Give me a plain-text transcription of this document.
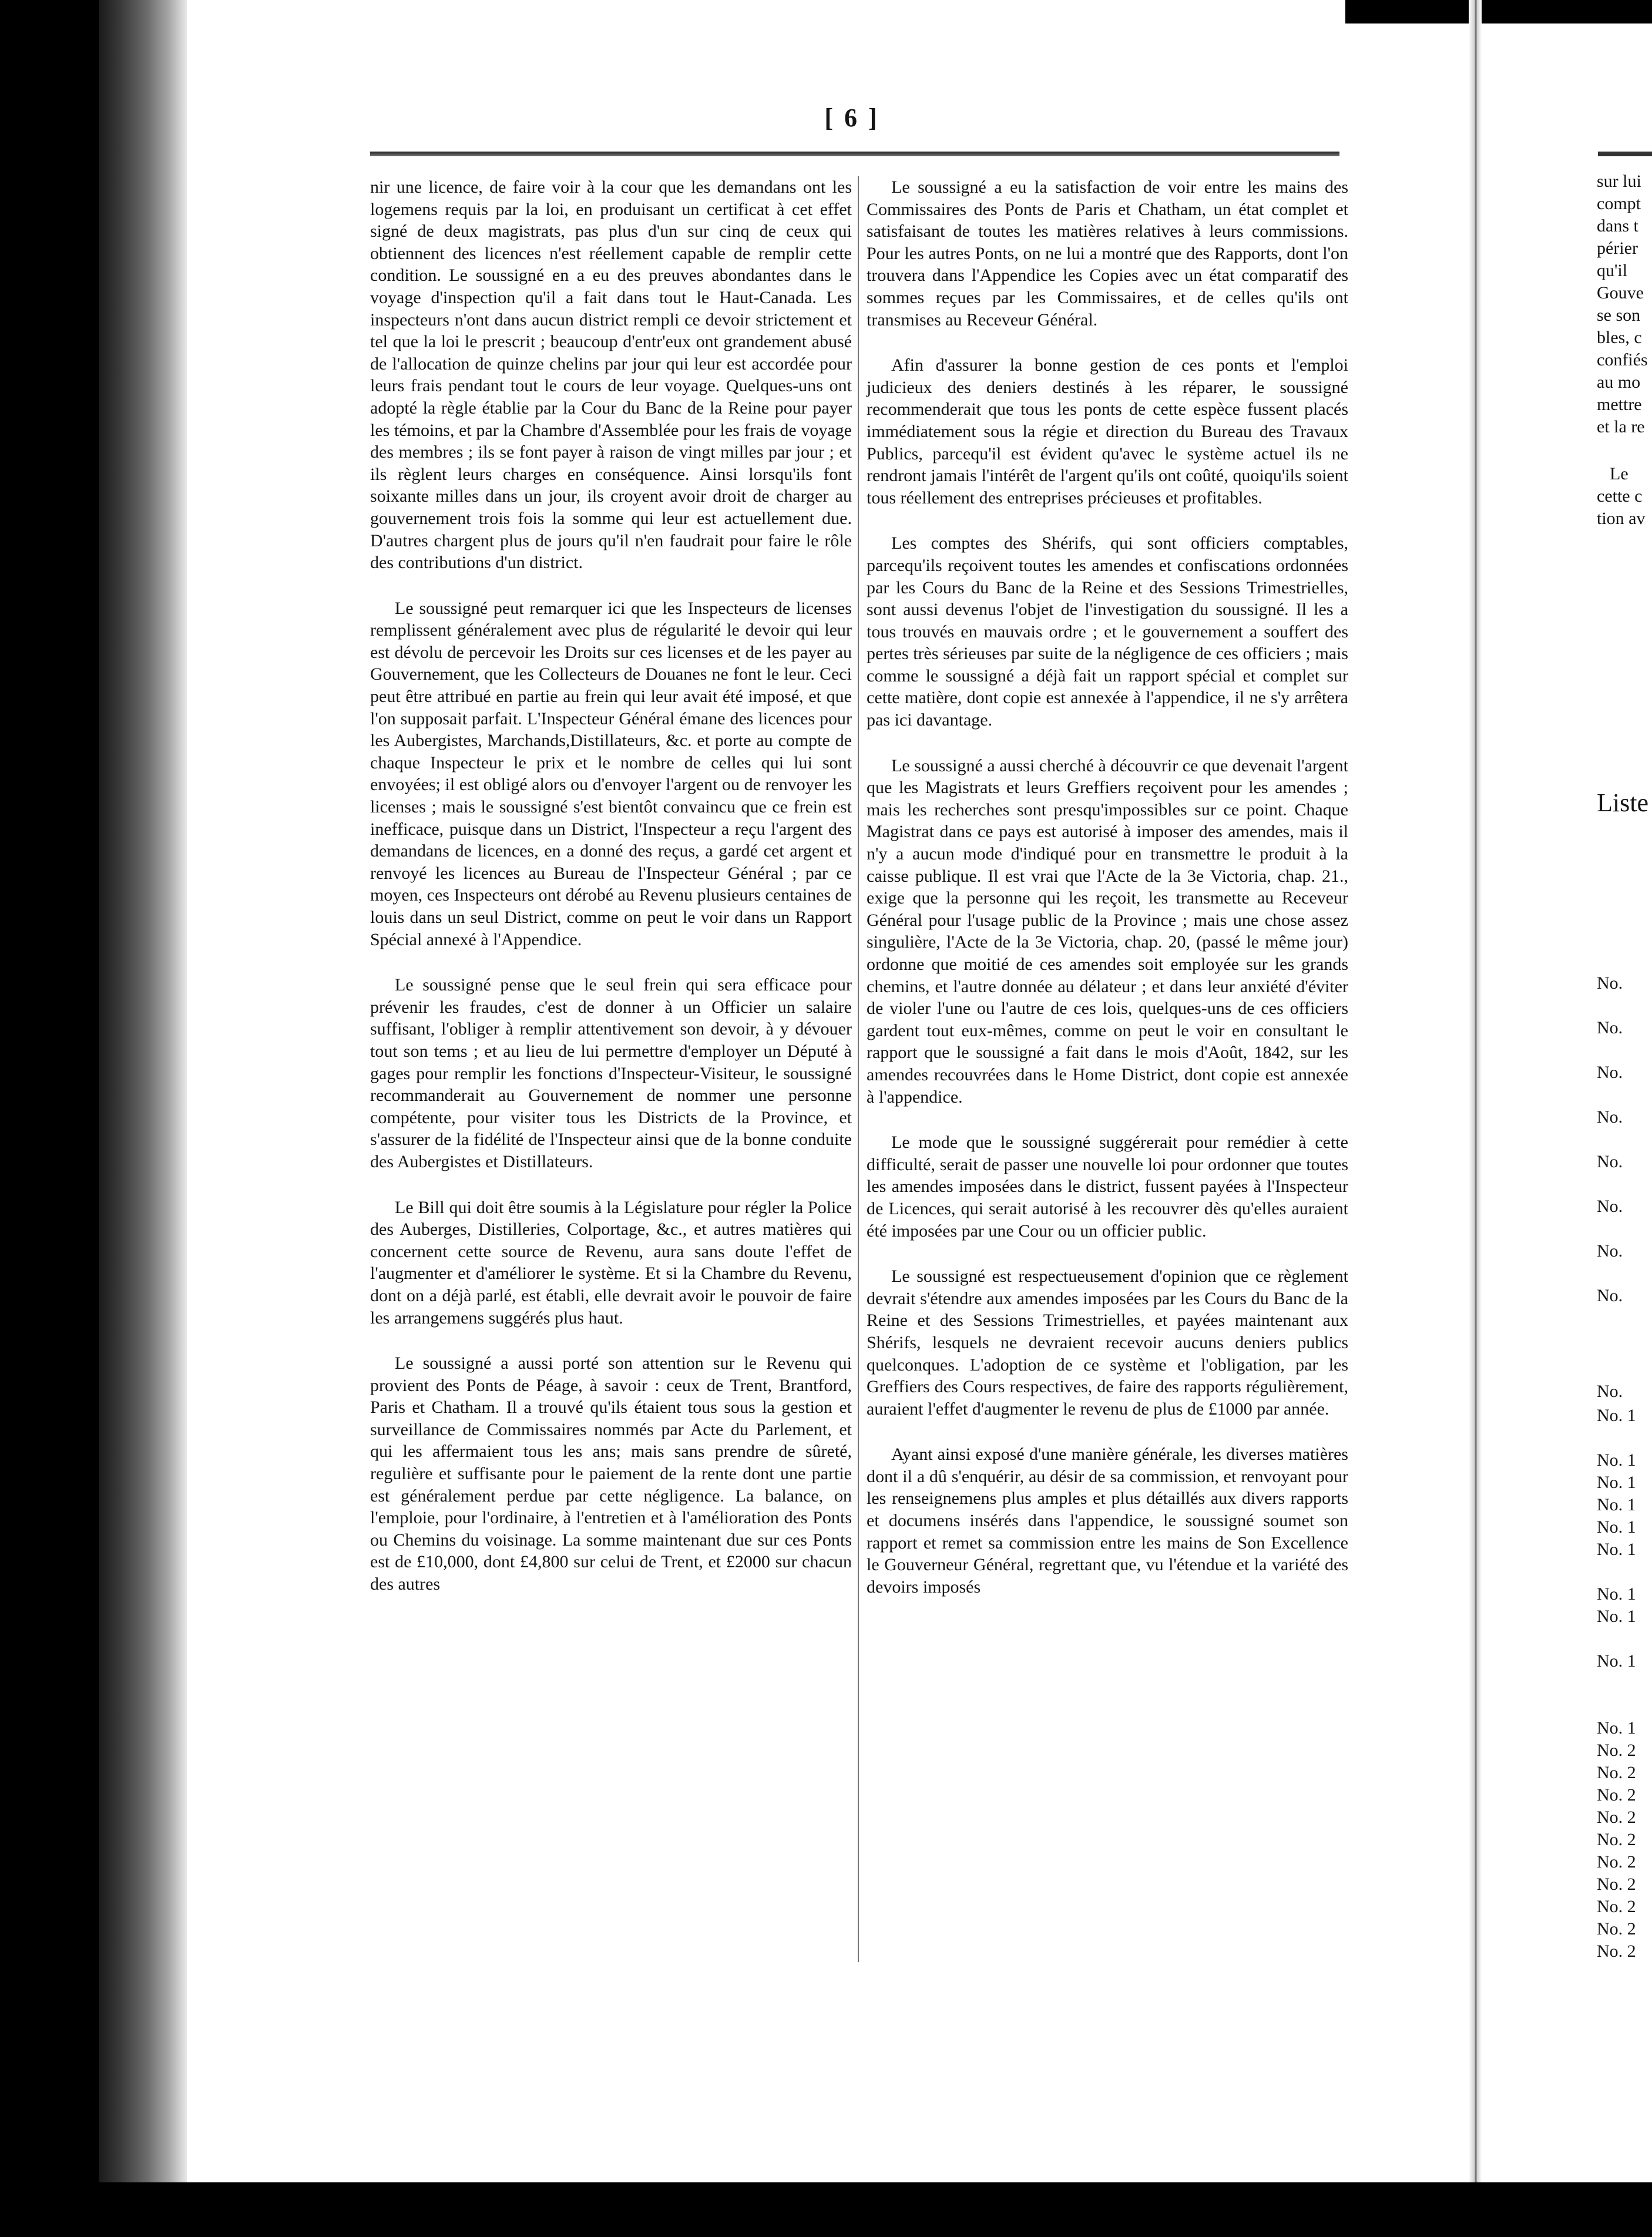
[ 6 ]

nir une licence, de faire voir à la cour que les demandans ont les logemens requis par la loi, en produisant un certificat à cet effet signé de deux magistrats, pas plus d'un sur cinq de ceux qui obtiennent des licences n'est réellement capable de remplir cette condition. Le soussigné en a eu des preuves abondantes dans le voyage d'inspection qu'il a fait dans tout le Haut-Canada. Les inspecteurs n'ont dans aucun district rempli ce devoir strictement et tel que la loi le prescrit ; beaucoup d'entr'eux ont grandement abusé de l'allocation de quinze chelins par jour qui leur est accordée pour leurs frais pendant tout le cours de leur voyage. Quelques-uns ont adopté la règle établie par la Cour du Banc de la Reine pour payer les témoins, et par la Chambre d'Assemblée pour les frais de voyage des membres ; ils se font payer à raison de vingt milles par jour ; et ils règlent leurs charges en conséquence. Ainsi lorsqu'ils font soixante milles dans un jour, ils croyent avoir droit de charger au gouvernement trois fois la somme qui leur est actuellement due. D'autres chargent plus de jours qu'il n'en faudrait pour faire le rôle des contributions d'un district.

Le soussigné peut remarquer ici que les Inspecteurs de licenses remplissent généralement avec plus de régularité le devoir qui leur est dévolu de percevoir les Droits sur ces licenses et de les payer au Gouvernement, que les Collecteurs de Douanes ne font le leur. Ceci peut être attribué en partie au frein qui leur avait été imposé, et que l'on supposait parfait. L'Inspecteur Général émane des licences pour les Aubergistes, Marchands,Distillateurs, &c. et porte au compte de chaque Inspecteur le prix et le nombre de celles qui lui sont envoyées; il est obligé alors ou d'envoyer l'argent ou de renvoyer les licenses ; mais le soussigné s'est bientôt convaincu que ce frein est inefficace, puisque dans un District, l'Inspecteur a reçu l'argent des demandans de licences, en a donné des reçus, a gardé cet argent et renvoyé les licences au Bureau de l'Inspecteur Général ; par ce moyen, ces Inspecteurs ont dérobé au Revenu plusieurs centaines de louis dans un seul District, comme on peut le voir dans un Rapport Spécial annexé à l'Appendice.

Le soussigné pense que le seul frein qui sera efficace pour prévenir les fraudes, c'est de donner à un Officier un salaire suffisant, l'obliger à remplir attentivement son devoir, à y dévouer tout son tems ; et au lieu de lui permettre d'employer un Député à gages pour remplir les fonctions d'Inspecteur-Visiteur, le soussigné recommanderait au Gouvernement de nommer une personne compétente, pour visiter tous les Districts de la Province, et s'assurer de la fidélité de l'Inspecteur ainsi que de la bonne conduite des Aubergistes et Distillateurs.

Le Bill qui doit être soumis à la Législature pour régler la Police des Auberges, Distilleries, Colportage, &c., et autres matières qui concernent cette source de Revenu, aura sans doute l'effet de l'augmenter et d'améliorer le système. Et si la Chambre du Revenu, dont on a déjà parlé, est établi, elle devrait avoir le pouvoir de faire les arrangemens suggérés plus haut.

Le soussigné a aussi porté son attention sur le Revenu qui provient des Ponts de Péage, à savoir : ceux de Trent, Brantford, Paris et Chatham. Il a trouvé qu'ils étaient tous sous la gestion et surveillance de Commissaires nommés par Acte du Parlement, et qui les affermaient tous les ans; mais sans prendre de sûreté, regulière et suffisante pour le paiement de la rente dont une partie est généralement perdue par cette négligence. La balance, on l'emploie, pour l'ordinaire, à l'entretien et à l'amélioration des Ponts ou Chemins du voisinage. La somme maintenant due sur ces Ponts est de £10,000, dont £4,800 sur celui de Trent, et £2000 sur chacun des autres

Le soussigné a eu la satisfaction de voir entre les mains des Commissaires des Ponts de Paris et Chatham, un état complet et satisfaisant de toutes les matières relatives à leurs commissions. Pour les autres Ponts, on ne lui a montré que des Rapports, dont l'on trouvera dans l'Appendice les Copies avec un état comparatif des sommes reçues par les Commissaires, et de celles qu'ils ont transmises au Receveur Général.

Afin d'assurer la bonne gestion de ces ponts et l'emploi judicieux des deniers destinés à les réparer, le soussigné recommenderait que tous les ponts de cette espèce fussent placés immédiatement sous la régie et direction du Bureau des Travaux Publics, parcequ'il est évident qu'avec le système actuel ils ne rendront jamais l'intérêt de l'argent qu'ils ont coûté, quoiqu'ils soient tous réellement des entreprises précieuses et profitables.

Les comptes des Shérifs, qui sont officiers comptables, parcequ'ils reçoivent toutes les amendes et confiscations ordonnées par les Cours du Banc de la Reine et des Sessions Trimestrielles, sont aussi devenus l'objet de l'investigation du soussigné. Il les a tous trouvés en mauvais ordre ; et le gouvernement a souffert des pertes très sérieuses par suite de la négligence de ces officiers ; mais comme le soussigné a déjà fait un rapport spécial et complet sur cette matière, dont copie est annexée à l'appendice, il ne s'y arrêtera pas ici davantage.

Le soussigné a aussi cherché à découvrir ce que devenait l'argent que les Magistrats et leurs Greffiers reçoivent pour les amendes ; mais les recherches sont presqu'impossibles sur ce point. Chaque Magistrat dans ce pays est autorisé à imposer des amendes, mais il n'y a aucun mode d'indiqué pour en transmettre le produit à la caisse publique. Il est vrai que l'Acte de la 3e Victoria, chap. 21., exige que la personne qui les reçoit, les transmette au Receveur Général pour l'usage public de la Province ; mais une chose assez singulière, l'Acte de la 3e Victoria, chap. 20, (passé le même jour) ordonne que moitié de ces amendes soit employée sur les grands chemins, et l'autre donnée au délateur ; et dans leur anxiété d'éviter de violer l'une ou l'autre de ces lois, quelques-uns de ces officiers gardent tout eux-mêmes, comme on peut le voir en consultant le rapport que le soussigné a fait dans le mois d'Août, 1842, sur les amendes recouvrées dans le Home District, dont copie est annexée à l'appendice.

Le mode que le soussigné suggérerait pour remédier à cette difficulté, serait de passer une nouvelle loi pour ordonner que toutes les amendes imposées dans le district, fussent payées à l'Inspecteur de Licences, qui serait autorisé à les recouvrer dès qu'elles auraient été imposées par une Cour ou un officier public.

Le soussigné est respectueusement d'opinion que ce règlement devrait s'étendre aux amendes imposées par les Cours du Banc de la Reine et des Sessions Trimestrielles, et payées maintenant aux Shérifs, lesquels ne devraient recevoir aucuns deniers publics quelconques. L'adoption de ce système et l'obligation, par les Greffiers des Cours respectives, de faire des rapports régulièrement, auraient l'effet d'augmenter le revenu de plus de £1000 par année.

Ayant ainsi exposé d'une manière générale, les diverses matières dont il a dû s'enquérir, au désir de sa commission, et renvoyant pour les renseignemens plus amples et plus détaillés aux divers rapports et documens insérés dans l'appendice, le soussigné soumet son rapport et remet sa commission entre les mains de Son Excellence le Gouverneur Général, regrettant que, vu l'étendue et la variété des devoirs imposés

sur lui
compt
dans t
périer
qu'il
Gouve
se son
bles, c
confiés
au mo
mettre
et la re
Le
cette c
tion av
Liste
No.
No.
No.
No.
No.
No.
No.
No.
No.
No. 1
No. 1
No. 1
No. 1
No. 1
No. 1
No. 1
No. 1
No. 1
No. 1
No. 2
No. 2
No. 2
No. 2
No. 2
No. 2
No. 2
No. 2
No. 2
No. 2
